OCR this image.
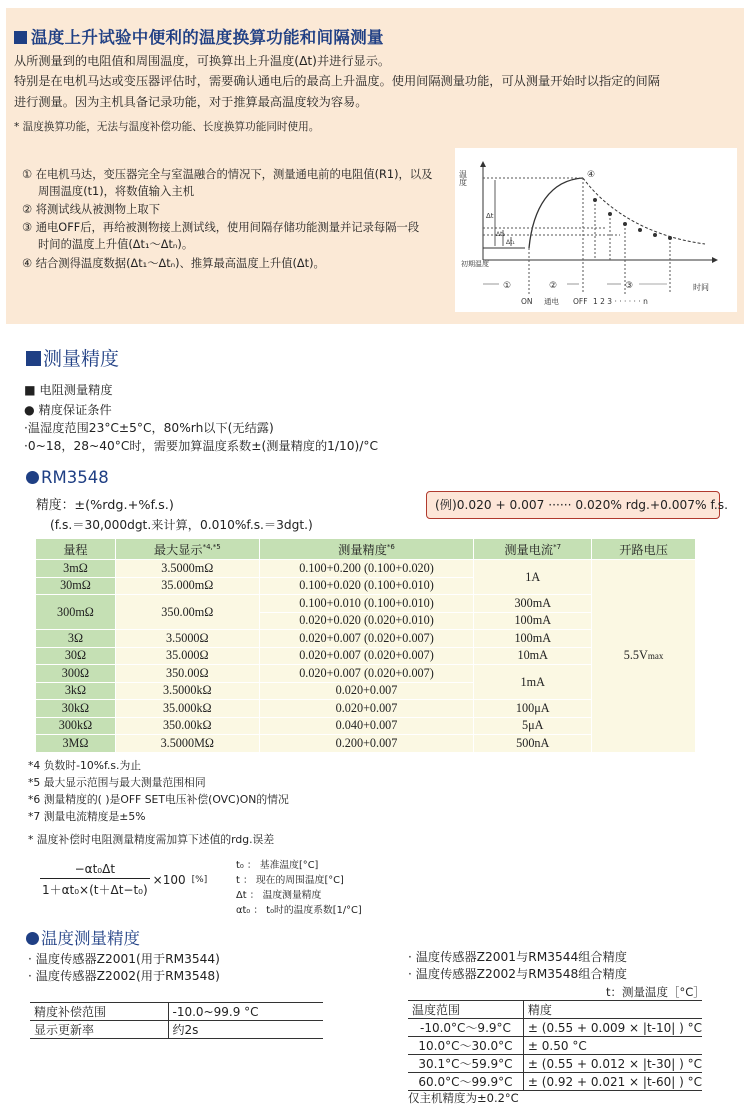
温度上升试验中便利的温度换算功能和间隔测量
从所测量到的电阻值和周围温度，可换算出上升温度(Δt)并进行显示。
特别是在电机马达或变压器评估时，需要确认通电后的最高上升温度。使用间隔测量功能，可从测量开始时以指定的间隔
进行测量。因为主机具备记录功能，对于推算最高温度较为容易。
* 温度换算功能，无法与温度补偿功能、长度换算功能同时使用。
① 在电机马达，变压器完全与室温融合的情况下，测量通电前的电阻值(R1)，以及
周围温度(t1)，将数值输入主机
② 将测试线从被测物上取下
③ 通电OFF后，再给被测物接上测试线，使用间隔存储功能测量并记录每隔一段
时间的温度上升值(Δt₁～Δtₙ)。
④ 结合测得温度数据(Δt₁～Δtₙ)、推算最高温度上升值(Δt)。
温度
时间
Δt
Δt₂
Δt₁
初期温度
④
①	②	③
ON 通电 OFF 1 2 3 · · · · · · n
测量精度
■ 电阻测量精度
● 精度保证条件
·温湿度范围23°C±5°C，80%rh以下(无结露)
·0~18，28~40°C时，需要加算温度系数±(测量精度的1/10)/°C
RM3548
精度：±(%rdg.+%f.s.)
(f.s.＝30,000dgt.来计算，0.010%f.s.＝3dgt.)
(例)0.020 + 0.007 ······ 0.020% rdg.+0.007% f.s.
量程	最大显示$^{*4,*5}$	测量精度$^{*6}$	测量电流$^{*7}$	开路电压
3mΩ	3.5000mΩ	0.100+0.200 (0.100+0.020)	1A	5.5Vmax
30mΩ	35.000mΩ	0.100+0.020 (0.100+0.010)		
300mΩ	350.00mΩ	0.100+0.010 (0.100+0.010)	300mA	
		0.020+0.020 (0.020+0.010)	100mA	
3Ω	3.5000Ω	0.020+0.007 (0.020+0.007)	100mA	
30Ω	35.000Ω	0.020+0.007 (0.020+0.007)	10mA	
300Ω	350.00Ω	0.020+0.007 (0.020+0.007)	1mA	
3kΩ	3.5000kΩ	0.020+0.007		
30kΩ	35.000kΩ	0.020+0.007	100μA	
300kΩ	350.00kΩ	0.040+0.007	5μA	
3MΩ	3.5000MΩ	0.200+0.007	500nA	
*4 负数时-10%f.s.为止
*5 最大显示范围与最大测量范围相同
*6 测量精度的( )是OFF SET电压补偿(OVC)ON的情况
*7 测量电流精度是±5%
* 温度补偿时电阻测量精度需加算下述值的rdg.误差
$\frac{\text{−αt₀Δt}}{\text{1＋αt₀×(t＋Δt−t₀)}} \times 100$ [%]
t₀ ： 基准温度[°C]
t ： 现在的周围温度[°C]
Δt ： 温度测量精度
αt₀ ： t₀时的温度系数[1/°C]
温度测量精度
· 温度传感器Z2001(用于RM3544)
· 温度传感器Z2002(用于RM3548)
精度补偿范围	-10.0~99.9 °C
显示更新率	约2s
· 温度传感器Z2001与RM3544组合精度
· 温度传感器Z2002与RM3548组合精度
t：测量温度［°C］
温度范围	精度
-10.0°C～9.9°C	± (0.55 + 0.009 × |t-10| ) °C
10.0°C～30.0°C	± 0.50 °C
30.1°C～59.9°C	± (0.55 + 0.012 × |t-30| ) °C
60.0°C～99.9°C	± (0.92 + 0.021 × |t-60| ) °C
仅主机精度为±0.2°C
